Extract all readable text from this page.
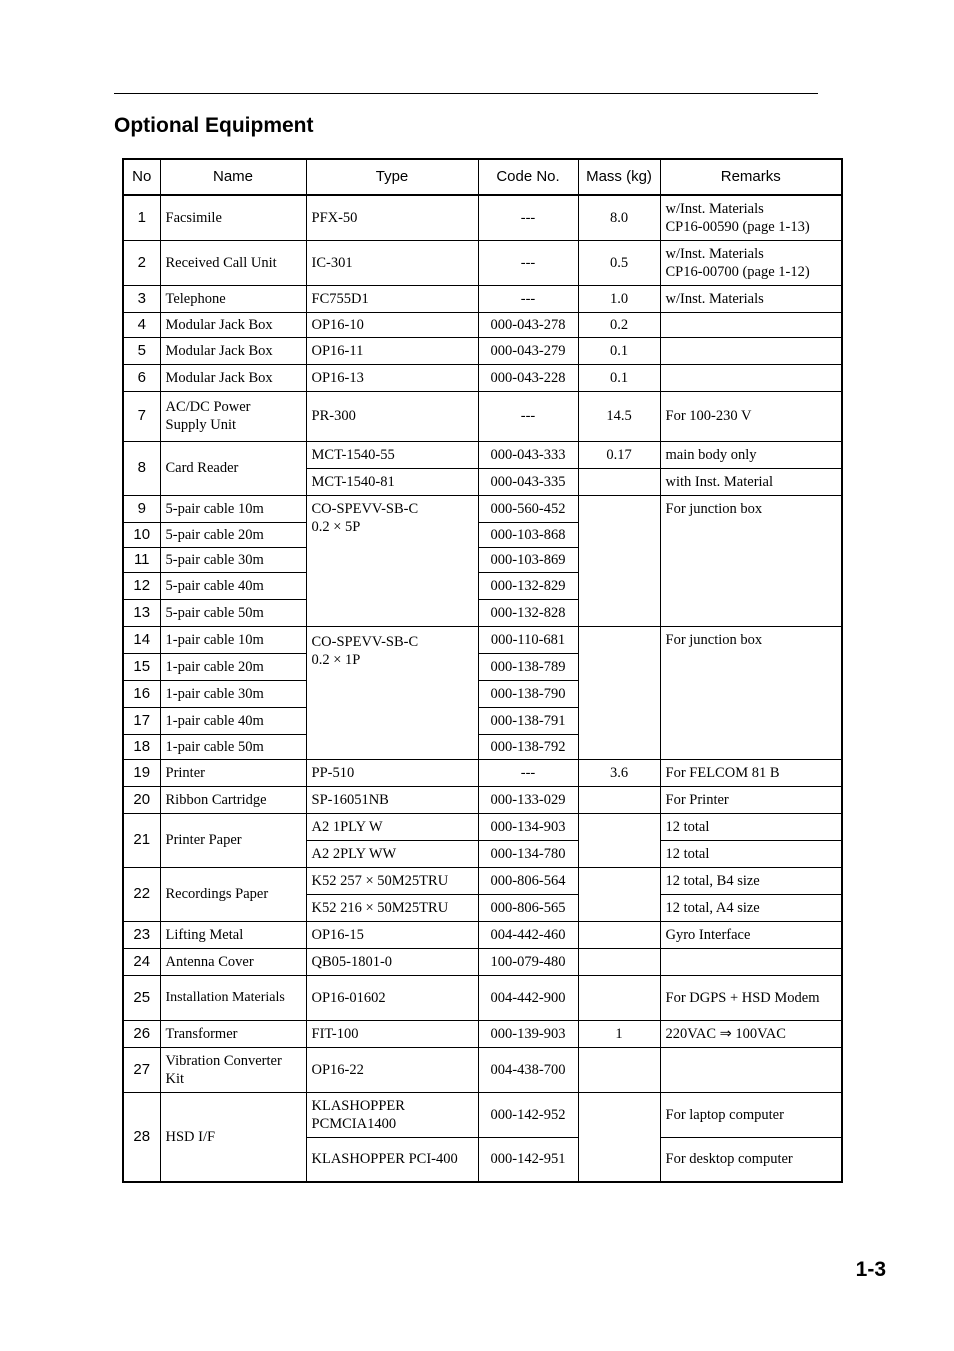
Optional Equipment
No	Name	Type	Code No.	Mass (kg)	Remarks
1	Facsimile	PFX-50	---	8.0	w/Inst. Materials
CP16-00590 (page 1-13)
2	Received Call Unit	IC-301	---	0.5	w/Inst. Materials
CP16-00700 (page 1-12)
3	Telephone	FC755D1	---	1.0	w/Inst. Materials
4	Modular Jack Box	OP16-10	000-043-278	0.2	
5	Modular Jack Box	OP16-11	000-043-279	0.1	
6	Modular Jack Box	OP16-13	000-043-228	0.1	
7	AC/DC Power
Supply Unit	PR-300	---	14.5	For 100-230 V
8	Card Reader	MCT-1540-55	000-043-333	0.17	main body only
		MCT-1540-81	000-043-335		with Inst. Material
9	5-pair cable 10m	CO-SPEVV-SB-C
0.2 × 5P	000-560-452		For junction box
10	5-pair cable 20m		000-103-868		
11	5-pair cable 30m		000-103-869		
12	5-pair cable 40m		000-132-829		
13	5-pair cable 50m		000-132-828		
14	1-pair cable 10m	CO-SPEVV-SB-C
0.2 × 1P	000-110-681		For junction box
15	1-pair cable 20m		000-138-789		
16	1-pair cable 30m		000-138-790		
17	1-pair cable 40m		000-138-791		
18	1-pair cable 50m		000-138-792		
19	Printer	PP-510	---	3.6	For FELCOM 81 B
20	Ribbon Cartridge	SP-16051NB	000-133-029		For Printer
21	Printer Paper	A2 1PLY W	000-134-903		12 total
		A2 2PLY WW	000-134-780		12 total
22	Recordings Paper	K52 257 × 50M25TRU	000-806-564		12 total, B4 size
		K52 216 × 50M25TRU	000-806-565		12 total, A4 size
23	Lifting Metal	OP16-15	004-442-460		Gyro Interface
24	Antenna Cover	QB05-1801-0	100-079-480		
25	Installation Materials	OP16-01602	004-442-900		For DGPS + HSD Modem
26	Transformer	FIT-100	000-139-903	1	220VAC ⇒ 100VAC
27	Vibration Converter
Kit	OP16-22	004-438-700		
28	HSD I/F	KLASHOPPER
PCMCIA1400	000-142-952		For laptop computer
		KLASHOPPER PCI-400	000-142-951		For desktop computer
1-3
